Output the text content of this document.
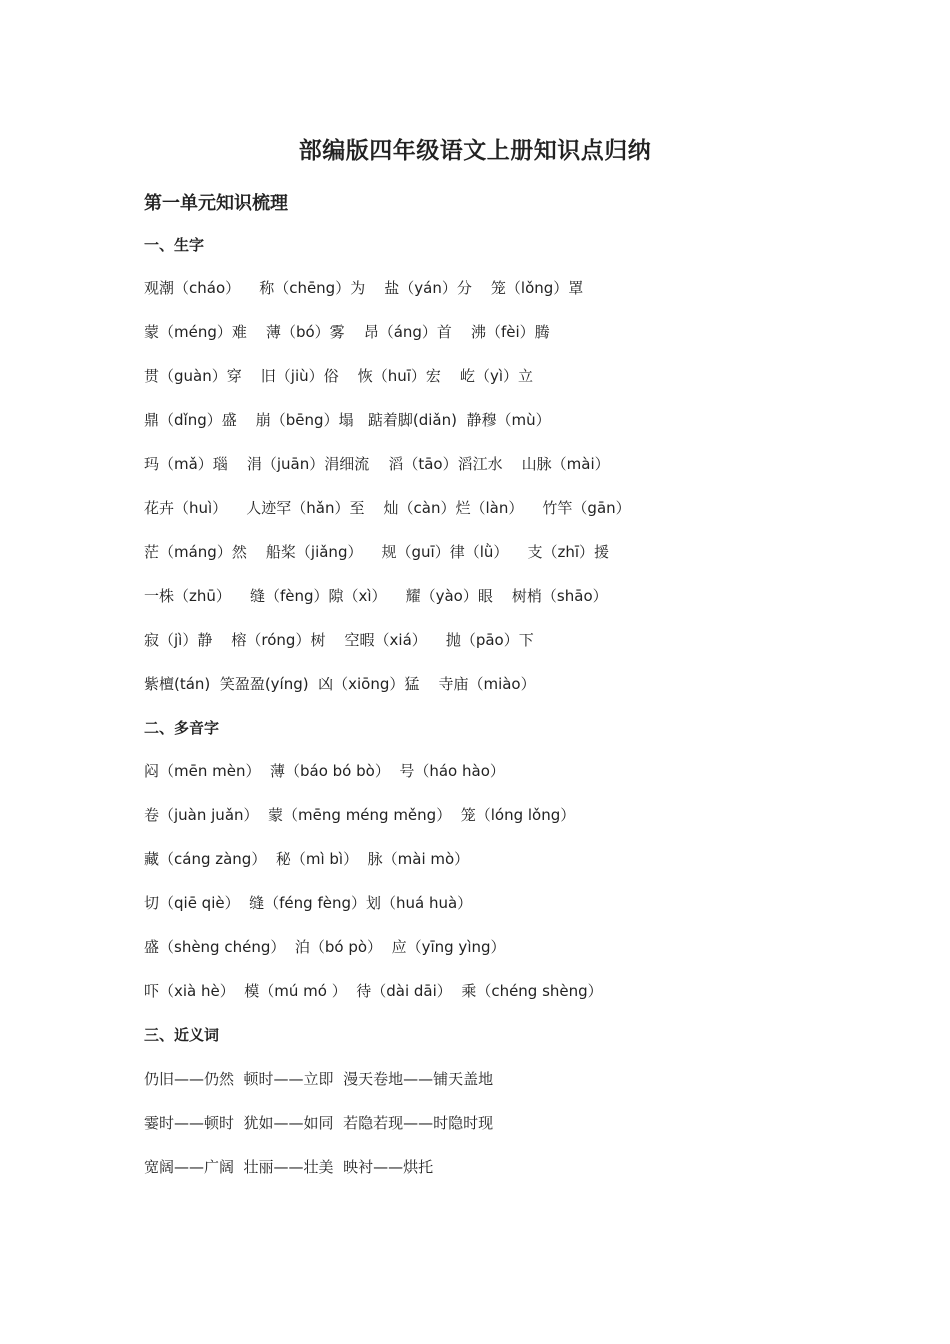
部编版四年级语文上册知识点归纳
第一单元知识梳理
一、生字
观潮（cháo）    称（chēng）为    盐（yán）分    笼（lǒng）罩
蒙（méng）难    薄（bó）雾    昂（áng）首    沸（fèi）腾
贯（guàn）穿    旧（jiù）俗    恢（huī）宏    屹（yì）立
鼎（dǐng）盛    崩（bēng）塌   踮着脚(diǎn)  静穆（mù）
玛（mǎ）瑙    涓（juān）涓细流    滔（tāo）滔江水    山脉（mài）
花卉（huì）    人迹罕（hǎn）至    灿（càn）烂（làn）    竹竿（gān）
茫（máng）然    船桨（jiǎng）    规（guī）律（lǜ）    支（zhī）援
一株（zhū）    缝（fèng）隙（xì）    耀（yào）眼    树梢（shāo）
寂（jì）静    榕（róng）树    空暇（xiá）    抛（pāo）下
紫檀(tán)  笑盈盈(yíng)  凶（xiōng）猛    寺庙（miào）
二、多音字
闷（mēn mèn）  薄（báo bó bò）  号（háo hào）
卷（juàn juǎn）  蒙（mēng méng měng）  笼（lóng lǒng）
藏（cáng zàng）  秘（mì bì）  脉（mài mò）
切（qiē qiè）  缝（féng fèng）划（huá huà）
盛（shèng chéng）  泊（bó pò）  应（yīng yìng）
吓（xià hè）  模（mú mó ）  待（dài dāi）  乘（chéng shèng）
三、近义词
仍旧——仍然  顿时——立即  漫天卷地——铺天盖地
霎时——顿时  犹如——如同  若隐若现——时隐时现
宽阔——广阔  壮丽——壮美  映衬——烘托
